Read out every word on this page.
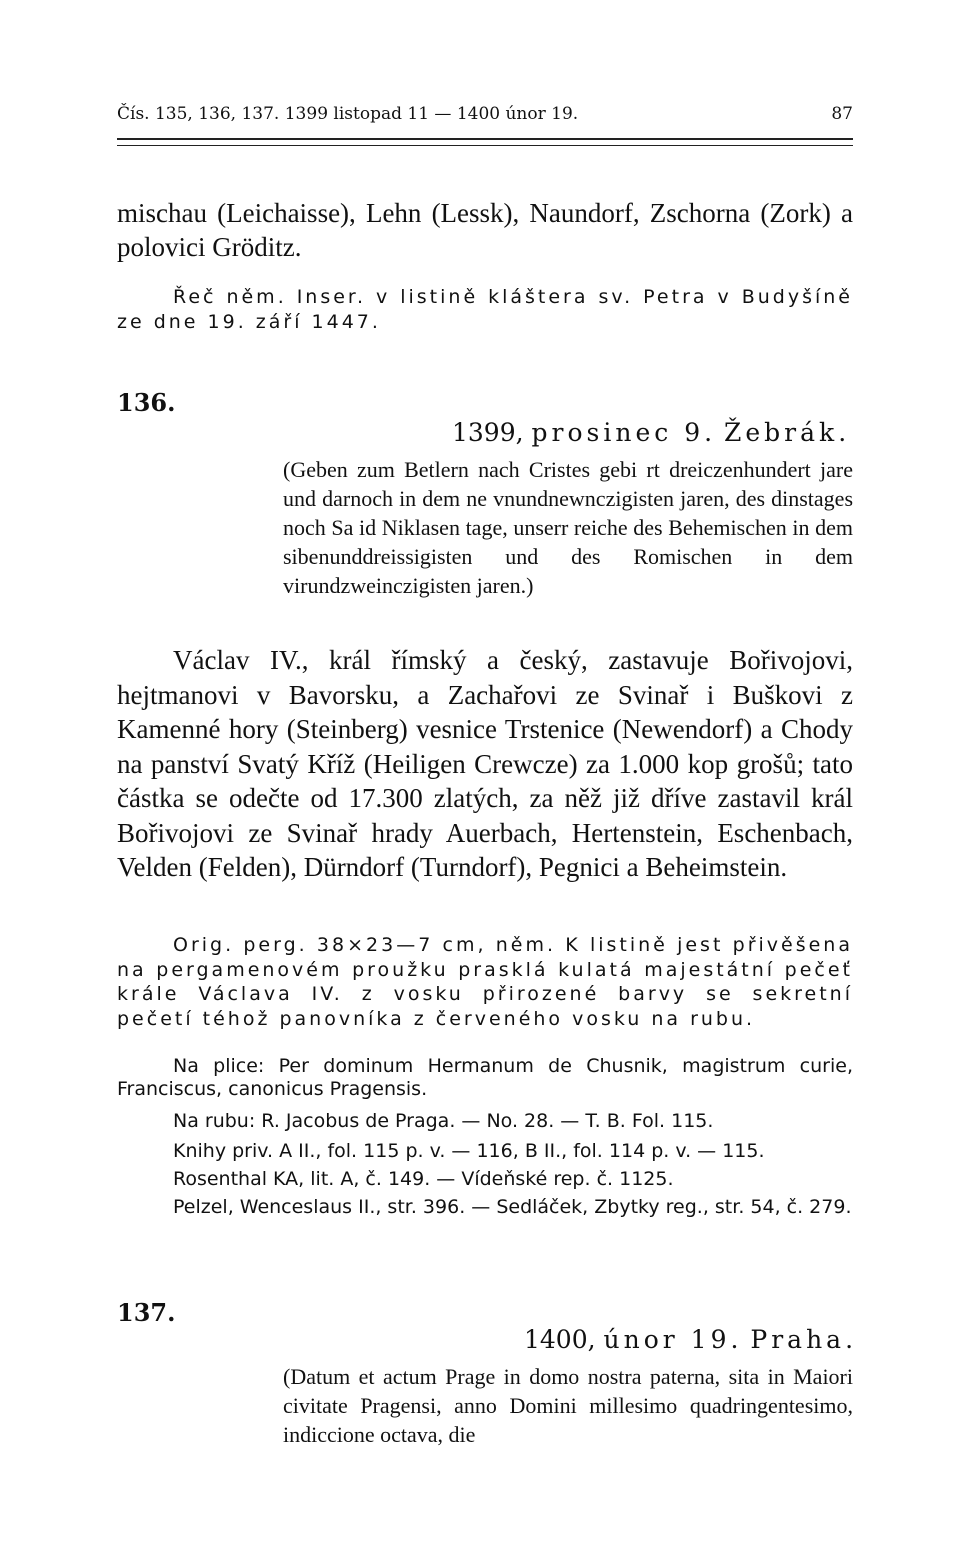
Čís. 135, 136, 137. 1399 listopad 11 — 1400 únor 19.	87
mischau (Leichaisse), Lehn (Lessk), Naundorf, Zschorna (Zork) a polovici Gröditz.
Řeč něm. Inser. v listině kláštera sv. Petra v Budyšíně ze dne 19. září 1447.
136.
1399, prosinec 9. Žebrák.
(Geben zum Betlern nach Cristes gebi rt dreiczenhundert jare und darnoch in dem ne vnundnewnczigisten jaren, des dinstages noch Sa id Niklasen tage, unserr reiche des Behemischen in dem sibenunddreissigisten und des Romischen in dem virundzweinczigisten jaren.)
Václav IV., král římský a český, zastavuje Bořivojovi, hejtmanovi v Bavorsku, a Zachařovi ze Svinař i Buškovi z Kamenné hory (Steinberg) vesnice Trstenice (Newendorf) a Chody na panství Svatý Kříž (Heiligen Crewcze) za 1.000 kop grošů; tato částka se odečte od 17.300 zlatých, za něž již dříve zastavil král Bořivojovi ze Svinař hrady Auerbach, Hertenstein, Eschenbach, Velden (Felden), Dürndorf (Turndorf), Pegnici a Beheimstein.
Orig. perg. 38×23—7 cm, něm. K listině jest přivěšena na pergamenovém proužku prasklá kulatá majestátní pečeť krále Václava IV. z vosku přirozené barvy se sekretní pečetí téhož panovníka z červeného vosku na rubu.
Na plice: Per dominum Hermanum de Chusnik, magistrum curie, Franciscus, canonicus Pragensis.
Na rubu: R. Jacobus de Praga. — No. 28. — T. B. Fol. 115.
Knihy priv. A II., fol. 115 p. v. — 116, B II., fol. 114 p. v. — 115.
Rosenthal KA, lit. A, č. 149. — Vídeňské rep. č. 1125.
Pelzel, Wenceslaus II., str. 396. — Sedláček, Zbytky reg., str. 54, č. 279.
137.
1400, únor 19. Praha.
(Datum et actum Prage in domo nostra paterna, sita in Maiori civitate Pragensi, anno Domini millesimo quadringentesimo, indiccione octava, die
